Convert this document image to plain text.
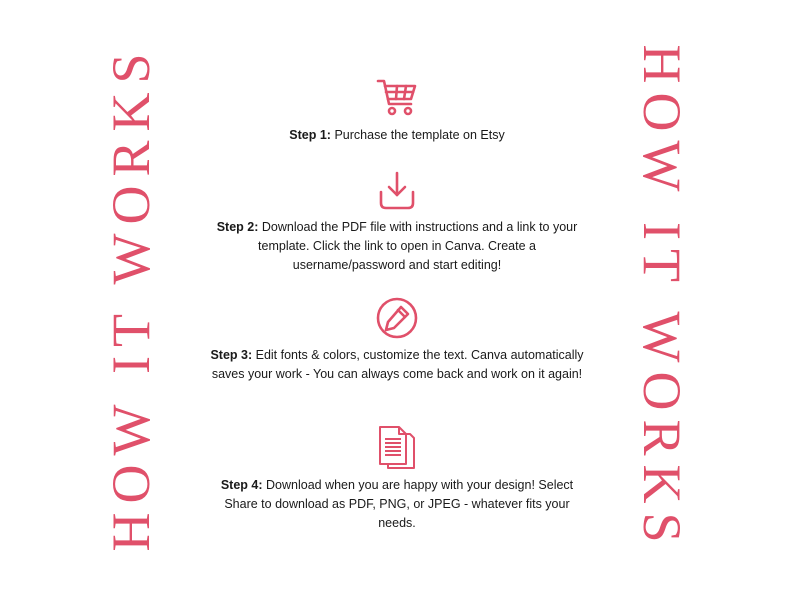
HOW IT WORKS	HOW IT WORKS
Step 1: Purchase the template on Etsy
Step 2: Download the PDF file with instructions and a link to your template. Click the link to open in Canva. Create a username/password and start editing!
Step 3: Edit fonts & colors, customize the text. Canva automatically saves your work - You can always come back and work on it again!
Step 4: Download when you are happy with your design! Select Share to download as PDF, PNG, or JPEG - whatever fits your needs.
